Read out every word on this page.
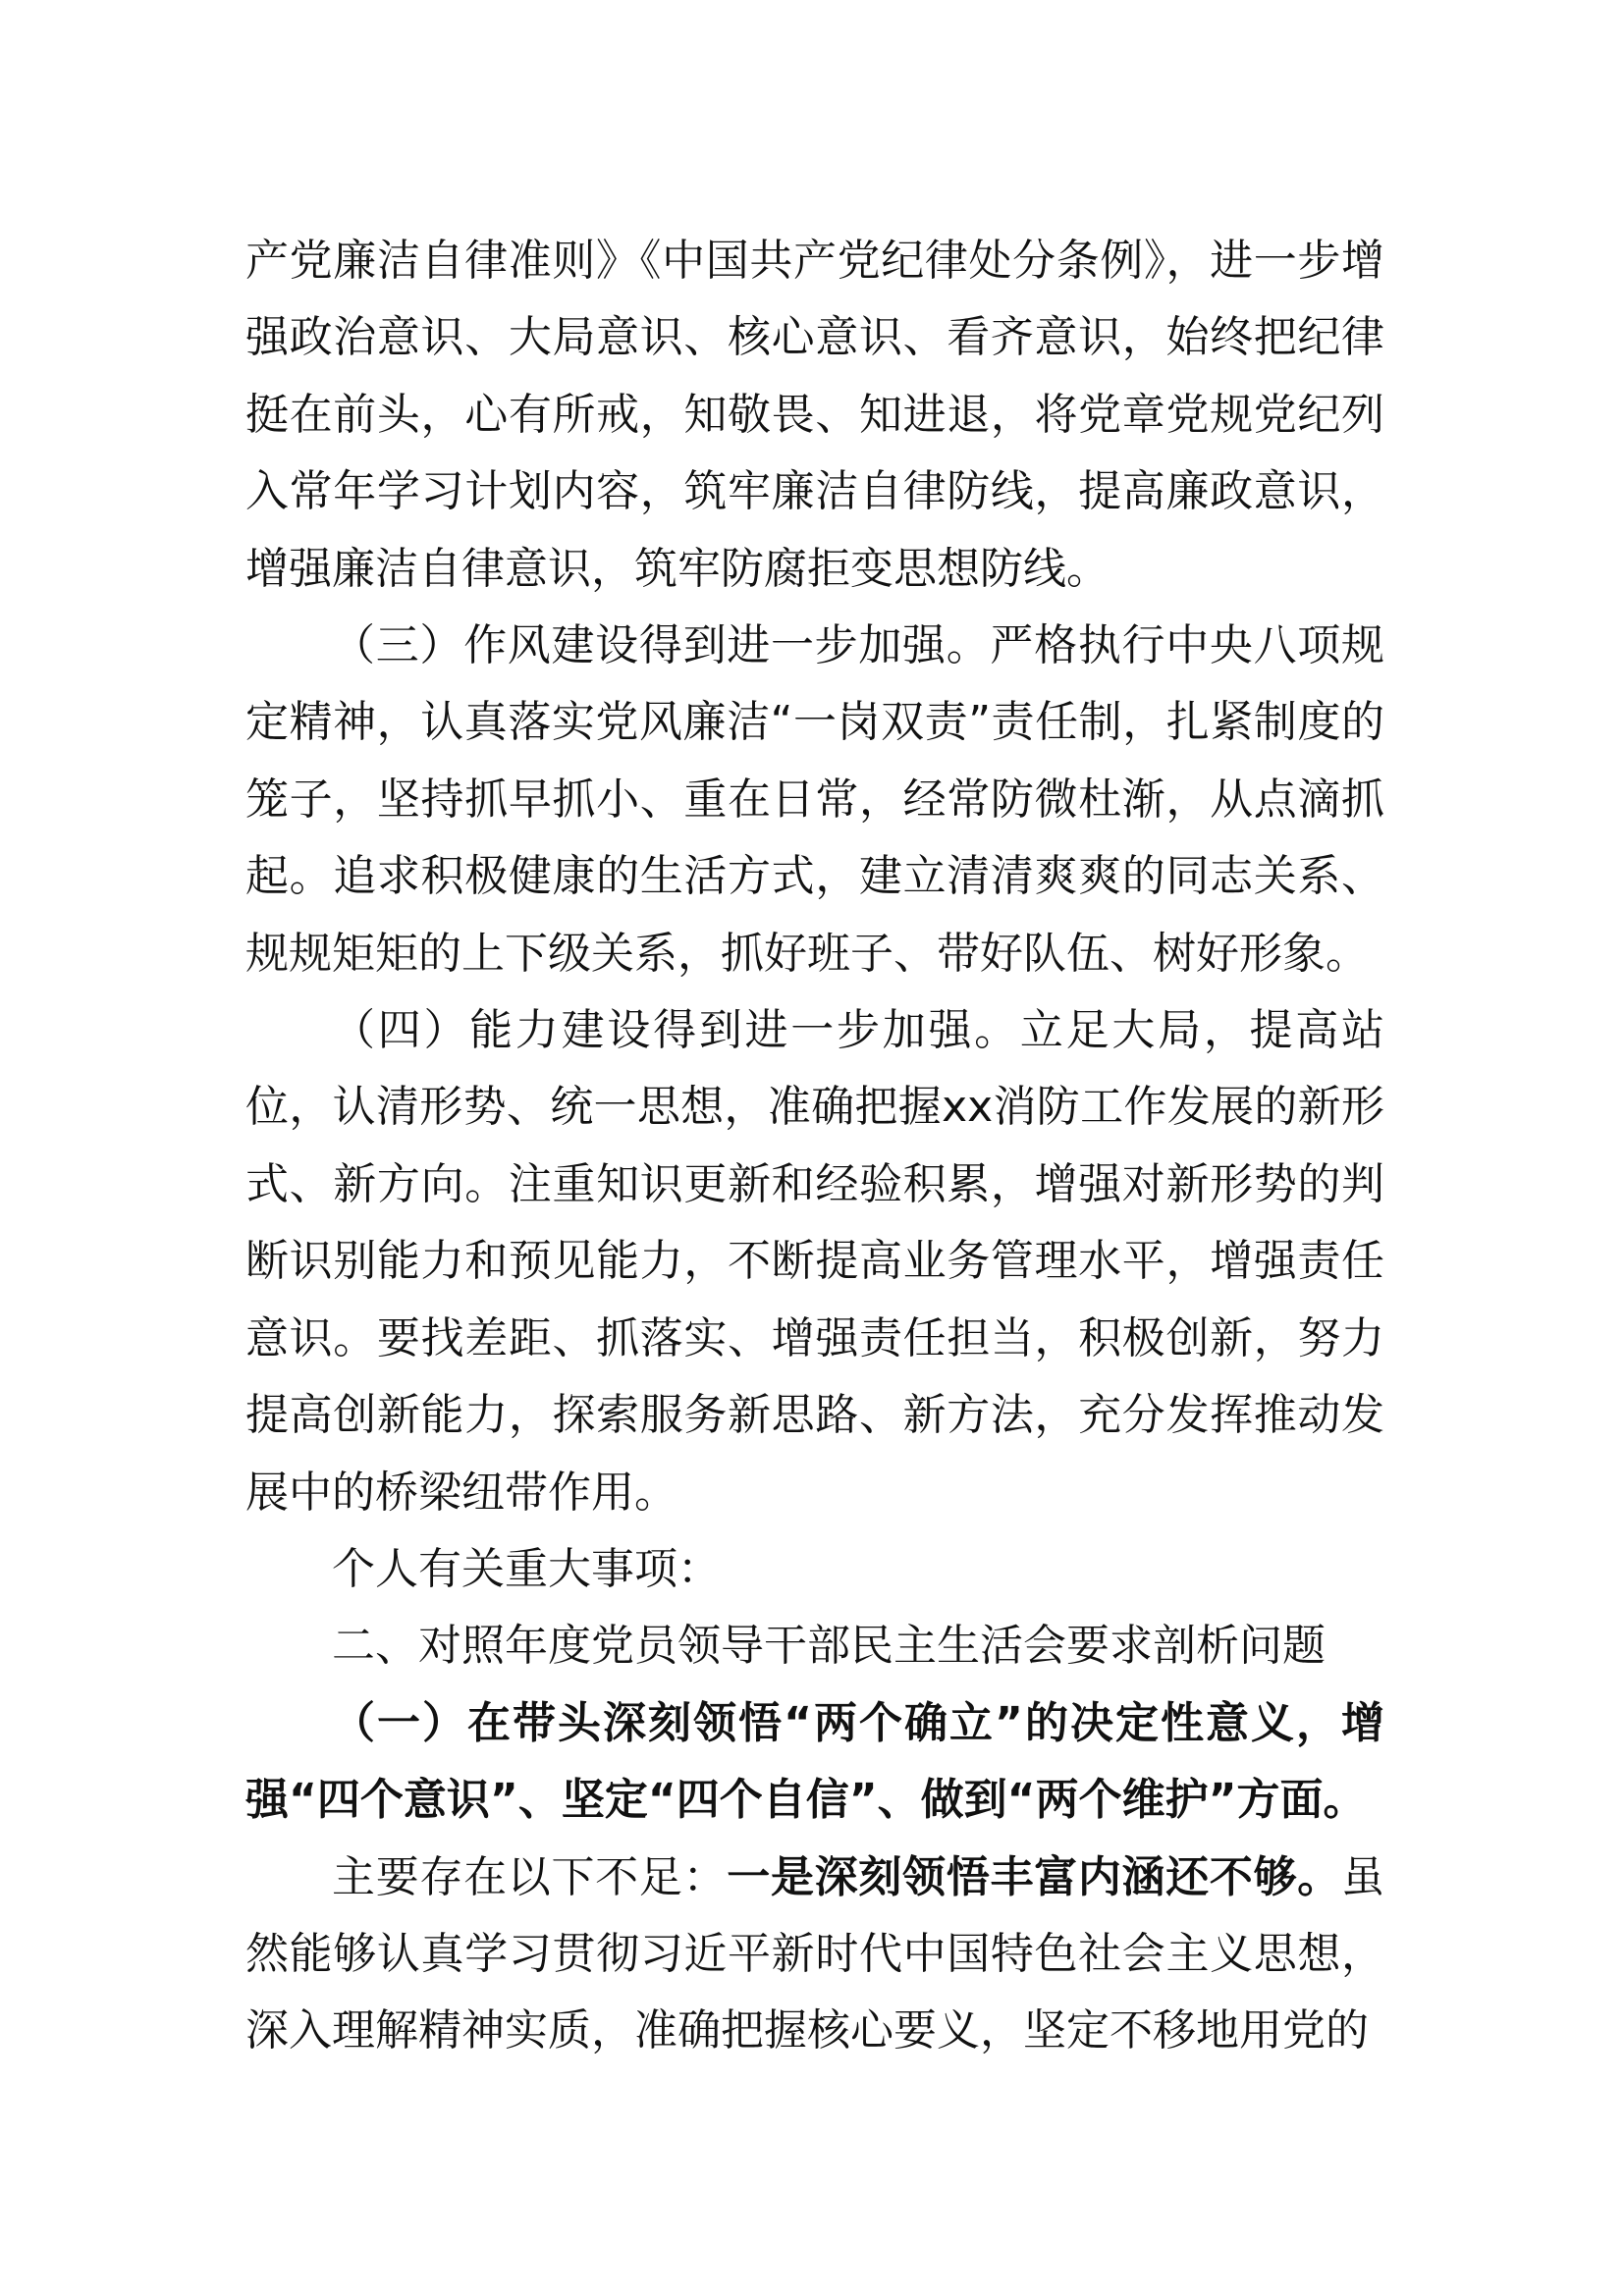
产党廉洁自律准则》《中国共产党纪律处分条例》，进一步增强政治意识、大局意识、核心意识、看齐意识，始终把纪律挺在前头，心有所戒，知敬畏、知进退，将党章党规党纪列入常年学习计划内容，筑牢廉洁自律防线，提高廉政意识，增强廉洁自律意识，筑牢防腐拒变思想防线。

（三）作风建设得到进一步加强。严格执行中央八项规定精神，认真落实党风廉洁“一岗双责”责任制，扎紧制度的笼子，坚持抓早抓小、重在日常，经常防微杜渐，从点滴抓起。追求积极健康的生活方式，建立清清爽爽的同志关系、规规矩矩的上下级关系，抓好班子、带好队伍、树好形象。

（四）能力建设得到进一步加强。立足大局，提高站位，认清形势、统一思想，准确把握xx消防工作发展的新形式、新方向。注重知识更新和经验积累，增强对新形势的判断识别能力和预见能力，不断提高业务管理水平，增强责任意识。要找差距、抓落实、增强责任担当，积极创新，努力提高创新能力，探索服务新思路、新方法，充分发挥推动发展中的桥梁纽带作用。

个人有关重大事项：

二、对照年度党员领导干部民主生活会要求剖析问题

（一）在带头深刻领悟“两个确立”的决定性意义，增强“四个意识”、坚定“四个自信”、做到“两个维护”方面。

主要存在以下不足：一是深刻领悟丰富内涵还不够。虽然能够认真学习贯彻习近平新时代中国特色社会主义思想，深入理解精神实质，准确把握核心要义，坚定不移地用党的
